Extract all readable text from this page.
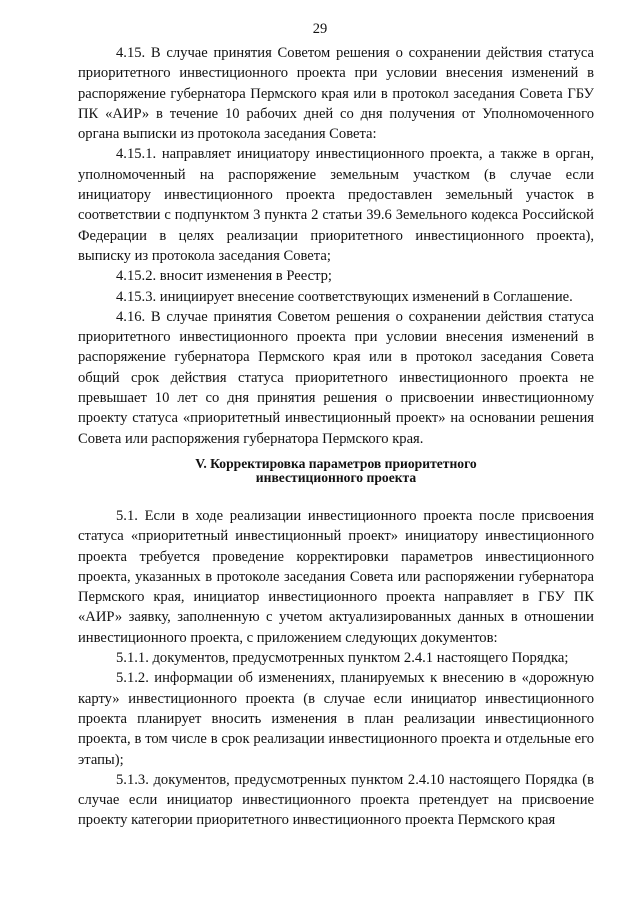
29

4.15. В случае принятия Советом решения о сохранении действия статуса приоритетного инвестиционного проекта при условии внесения изменений в распоряжение губернатора Пермского края или в протокол заседания Совета ГБУ ПК «АИР» в течение 10 рабочих дней со дня получения от Уполномоченного органа выписки из протокола заседания Совета:

4.15.1. направляет инициатору инвестиционного проекта, а также в орган, уполномоченный на распоряжение земельным участком (в случае если инициатору инвестиционного проекта предоставлен земельный участок в соответствии с подпунктом 3 пункта 2 статьи 39.6 Земельного кодекса Российской Федерации в целях реализации приоритетного инвестиционного проекта), выписку из протокола заседания Совета;

4.15.2. вносит изменения в Реестр;

4.15.3. инициирует внесение соответствующих изменений в Соглашение.

4.16. В случае принятия Советом решения о сохранении действия статуса приоритетного инвестиционного проекта при условии внесения изменений в распоряжение губернатора Пермского края или в протокол заседания Совета общий срок действия статуса приоритетного инвестиционного проекта не превышает 10 лет со дня принятия решения о присвоении инвестиционному проекту статуса «приоритетный инвестиционный проект» на основании решения Совета или распоряжения губернатора Пермского края.

V. Корректировка параметров приоритетного
инвестиционного проекта

5.1. Если в ходе реализации инвестиционного проекта после присвоения статуса «приоритетный инвестиционный проект» инициатору инвестиционного проекта требуется проведение корректировки параметров инвестиционного проекта, указанных в протоколе заседания Совета или распоряжении губернатора Пермского края, инициатор инвестиционного проекта направляет в ГБУ ПК «АИР» заявку, заполненную с учетом актуализированных данных в отношении инвестиционного проекта, с приложением следующих документов:

5.1.1. документов, предусмотренных пунктом 2.4.1 настоящего Порядка;

5.1.2. информации об изменениях, планируемых к внесению в «дорожную карту» инвестиционного проекта (в случае если инициатор инвестиционного проекта планирует вносить изменения в план реализации инвестиционного проекта, в том числе в срок реализации инвестиционного проекта и отдельные его этапы);

5.1.3. документов, предусмотренных пунктом 2.4.10 настоящего Порядка (в случае если инициатор инвестиционного проекта претендует на присвоение проекту категории приоритетного инвестиционного проекта Пермского края
